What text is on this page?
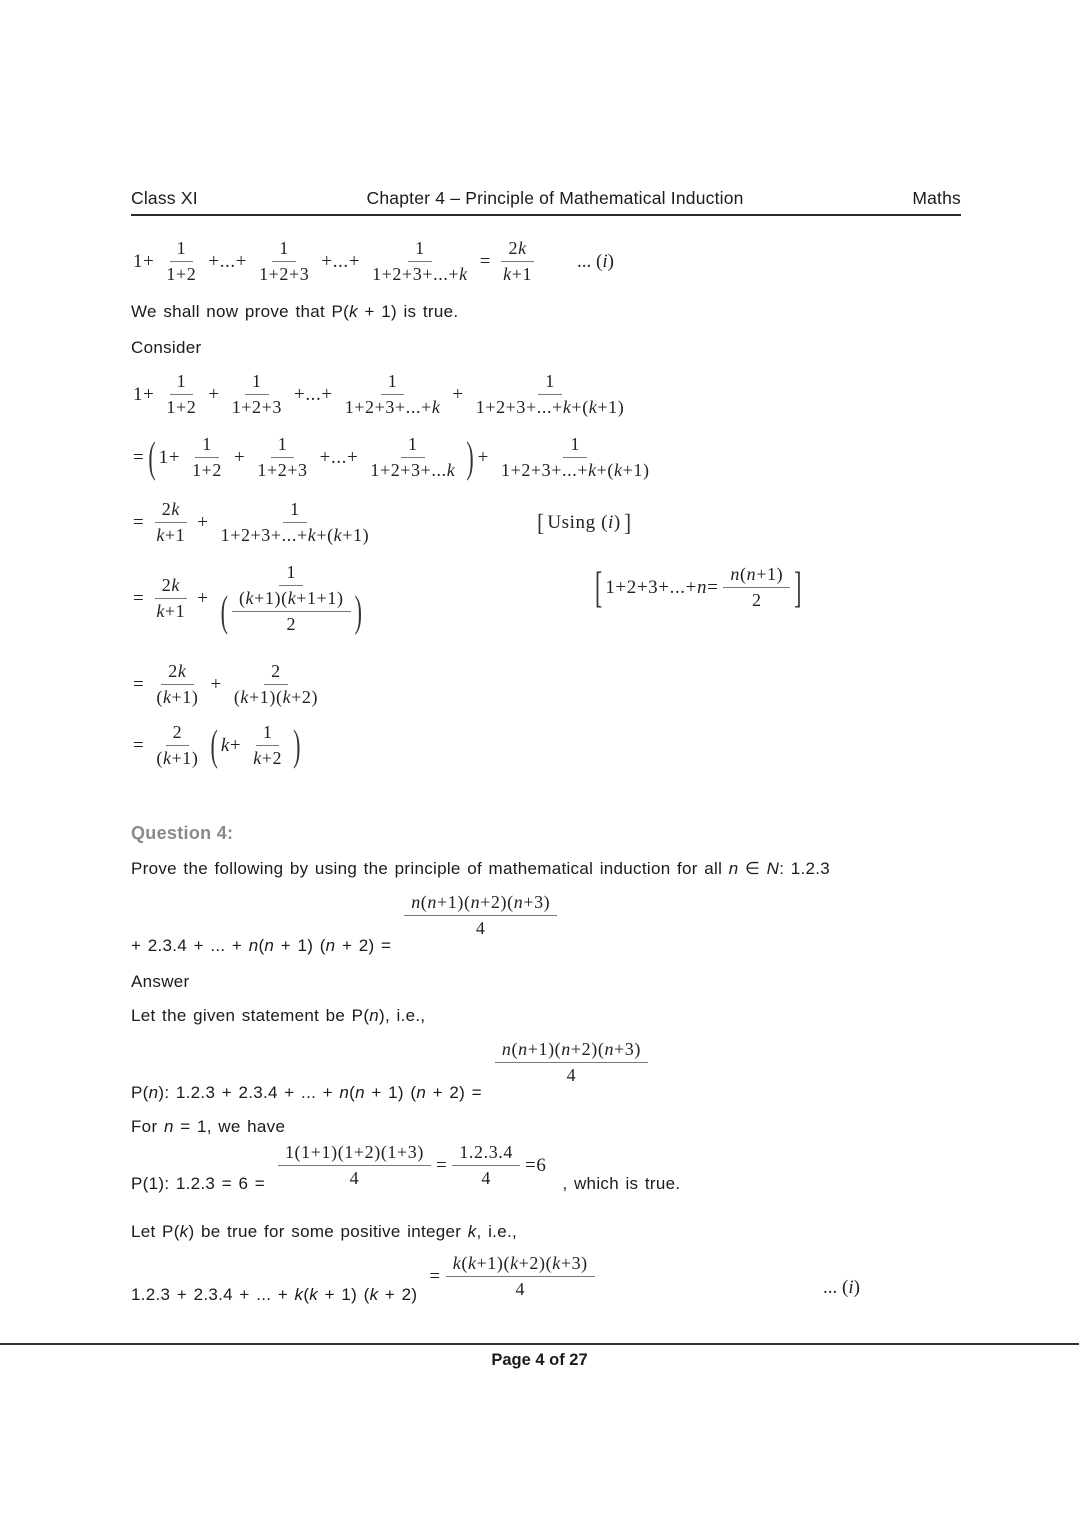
Class XI	Chapter 4 – Principle of Mathematical Induction	Maths
$1+ \frac{1}{1+2}$ +...+ $\frac{1}{1+2+3}$ +...+ $\frac{1}{1+2+3+...+k} = \frac{2k}{k+1}$ ... ( i )

We shall now prove that P(k + 1) is true.

Consider

$1+ \frac{1}{1+2} + \frac{1}{1+2+3}$ +...+ $\frac{1}{1+2+3+...+k} + \frac{1}{1+2+3+...+k+(k+1)}$
= ( $1+ \frac{1}{1+2} + \frac{1}{1+2+3}$ +...+ $\frac{1}{1+2+3+...k}$ ) + $\frac{1}{1+2+3+...+k+(k+1)}$
= $\frac{2k}{k+1} + \frac{1}{1+2+3+...+k+(k+1)}$	[ Using (i) ]
= $\frac{2k}{k+1} + \frac{1}{( \frac{(k+1)(k+1+1)}{2} )}$	[ $1+2+3+...+n= \frac{n(n+1)}{2}$ ]
= $\frac{2k}{(k+1)} + \frac{2}{(k+1)(k+2)}$
= $\frac{2}{(k+1)}$ ( $k+ \frac{1}{k+2}$ )

Question 4:

Prove the following by using the principle of mathematical induction for all n ∈ N: 1.2.3

+ 2.3.4 + ... + n(n + 1) (n + 2) =
$\frac{n(n+1)(n+2)(n+3)}{4}$

Answer

Let the given statement be P(n), i.e.,

P(n): 1.2.3 + 2.3.4 + ... + n(n + 1) (n + 2) =
$\frac{n(n+1)(n+2)(n+3)}{4}$

For n = 1, we have

P(1): $1.2.3 = 6 = \frac{1(1+1)(1+2)(1+3)}{4} = \frac{1.2.3.4}{4} =6$
, which is true.

Let P(k) be true for some positive integer k, i.e.,

1.2.3 + 2.3.4 + ... + k(k + 1) (k + 2)
= $\frac{k(k+1)(k+2)(k+3)}{4}$	... ( i )
Page 4 of 27
